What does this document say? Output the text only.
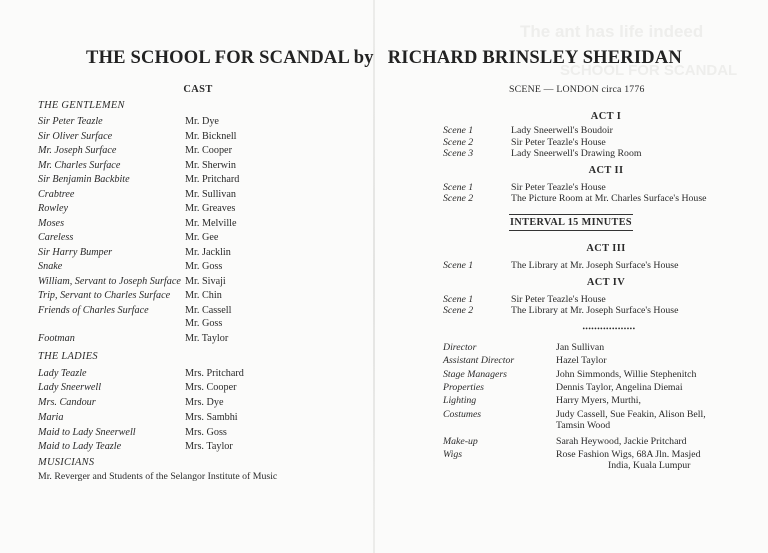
The ant has life indeed
SCHOOL FOR SCANDAL
THE SCHOOL FOR SCANDAL by RICHARD BRINSLEY SHERIDAN
CAST
THE GENTLEMEN
Sir Peter Teazle	Mr. Dye
Sir Oliver Surface	Mr. Bicknell
Mr. Joseph Surface	Mr. Cooper
Mr. Charles Surface	Mr. Sherwin
Sir Benjamin Backbite	Mr. Pritchard
Crabtree	Mr. Sullivan
Rowley	Mr. Greaves
Moses	Mr. Melville
Careless	Mr. Gee
Sir Harry Bumper	Mr. Jacklin
Snake	Mr. Goss
William, Servant to Joseph Surface Mr. Sivaji
Trip, Servant to Charles Surface	Mr. Chin
Friends of Charles Surface	Mr. Cassell
Mr. Goss
Footman	Mr. Taylor
THE LADIES
Lady Teazle	Mrs. Pritchard
Lady Sneerwell	Mrs. Cooper
Mrs. Candour	Mrs. Dye
Maria	Mrs. Sambhi
Maid to Lady Sneerwell	Mrs. Goss
Maid to Lady Teazle	Mrs. Taylor
MUSICIANS
Mr. Reverger and Students of the Selangor Institute of Music
SCENE — LONDON circa 1776
ACT I
Scene 1	Lady Sneerwell's Boudoir
Scene 2	Sir Peter Teazle's House
Scene 3	Lady Sneerwell's Drawing Room
ACT II
Scene 1	Sir Peter Teazle's House
Scene 2	The Picture Room at Mr. Charles Surface's House
INTERVAL 15 MINUTES
ACT III
Scene 1	The Library at Mr. Joseph Surface's House
ACT IV
Scene 1	Sir Peter Teazle's House
Scene 2	The Library at Mr. Joseph Surface's House
••••••••••••••••••
Director	Jan Sullivan
Assistant Director	Hazel Taylor
Stage Managers	John Simmonds, Willie Stephenitch
Properties	Dennis Taylor, Angelina Diemai
Lighting	Harry Myers, Murthi,
Costumes	Judy Cassell, Sue Feakin, Alison Bell,
Tamsin Wood
Make-up	Sarah Heywood, Jackie Pritchard
Wigs	Rose Fashion Wigs, 68A Jln. Masjed
India, Kuala Lumpur
